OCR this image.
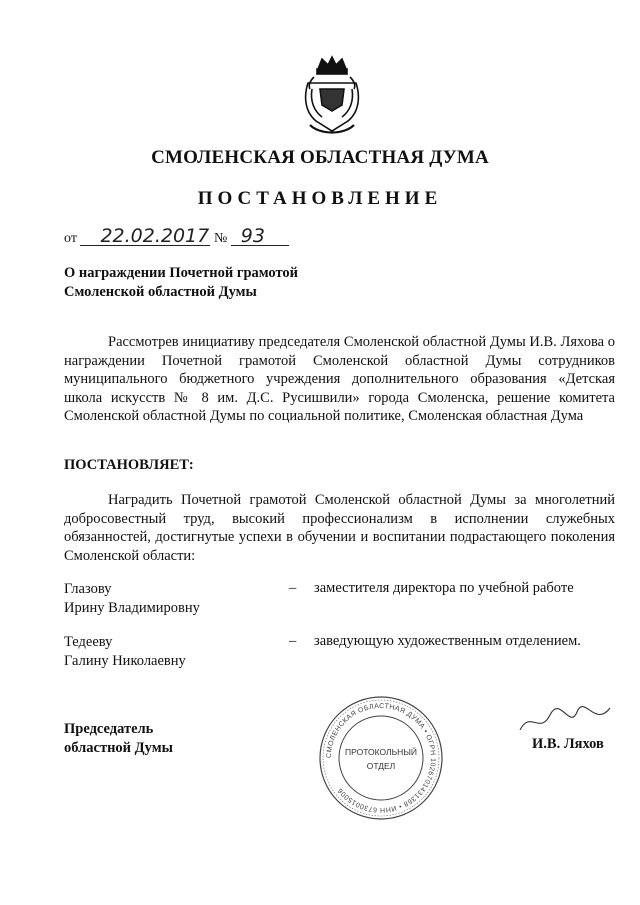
СМОЛЕНСКАЯ ОБЛАСТНАЯ ДУМА
ПОСТАНОВЛЕНИЕ
от 22.02.2017 № 93
О награждении Почетной грамотой
Смоленской областной Думы
Рассмотрев инициативу председателя Смоленской областной Думы И.В. Ляхова о награждении Почетной грамотой Смоленской областной Думы сотрудников муниципального бюджетного учреждения дополнительного образования «Детская школа искусств № 8 им. Д.С. Русишвили» города Смоленска, решение комитета Смоленской областной Думы по социальной политике, Смоленская областная Дума
ПОСТАНОВЛЯЕТ:
Наградить Почетной грамотой Смоленской областной Думы за многолетний добросовестный труд, высокий профессионализм в исполнении служебных обязанностей, достигнутые успехи в обучении и воспитании подрастающего поколения Смоленской области:
Глазову
Ирину Владимировну
– заместителя директора по учебной работе
Тедееву
Галину Николаевну
– заведующую художественным отделением.
СМОЛЕНСКАЯ ОБЛАСТНАЯ ДУМА • ОГРН 1026701431368 • ИНН 6730015006
ПРОТОКОЛЬНЫЙ
ОТДЕЛ
Председатель
областной Думы	И.В. Ляхов
